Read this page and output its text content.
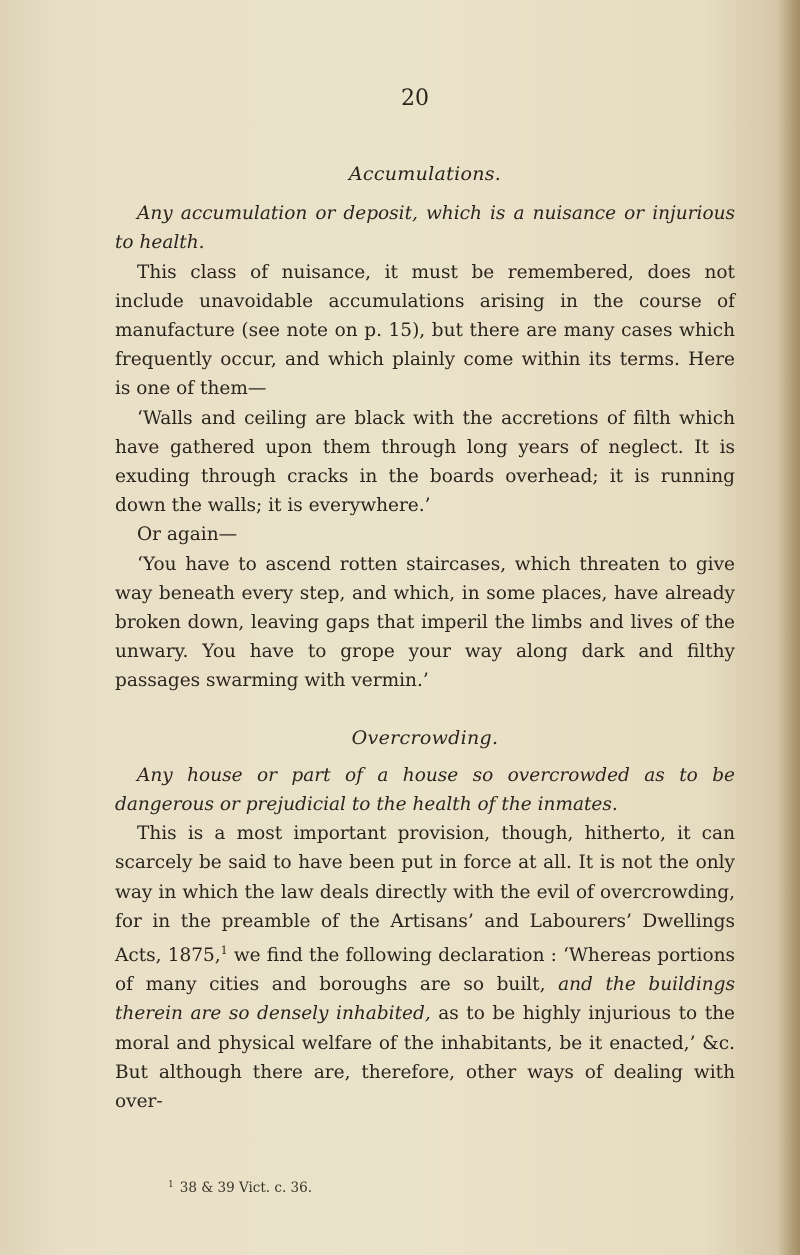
20
Accumulations.

Any accumulation or deposit, which is a nuisance or injurious to health.

This class of nuisance, it must be remembered, does not include unavoidable accumulations arising in the course of manufacture (see note on p. 15), but there are many cases which frequently occur, and which plainly come within its terms. Here is one of them—

‘Walls and ceiling are black with the accretions of filth which have gathered upon them through long years of neglect. It is exuding through cracks in the boards overhead; it is running down the walls; it is everywhere.’

Or again—

‘You have to ascend rotten staircases, which threaten to give way beneath every step, and which, in some places, have already broken down, leaving gaps that imperil the limbs and lives of the unwary. You have to grope your way along dark and filthy passages swarming with vermin.’

Overcrowding.

Any house or part of a house so overcrowded as to be dangerous or prejudicial to the health of the inmates.

This is a most important provision, though, hitherto, it can scarcely be said to have been put in force at all. It is not the only way in which the law deals directly with the evil of overcrowding, for in the preamble of the Artisans’ and Labourers’ Dwellings Acts, 1875,$^1$ we find the following declaration : ‘Whereas portions of many cities and boroughs are so built, and the buildings therein are so densely inhabited, as to be highly injurious to the moral and physical welfare of the inhabitants, be it enacted,’ &c. But although there are, therefore, other ways of dealing with over-

$^1$ 38 & 39 Vict. c. 36.
